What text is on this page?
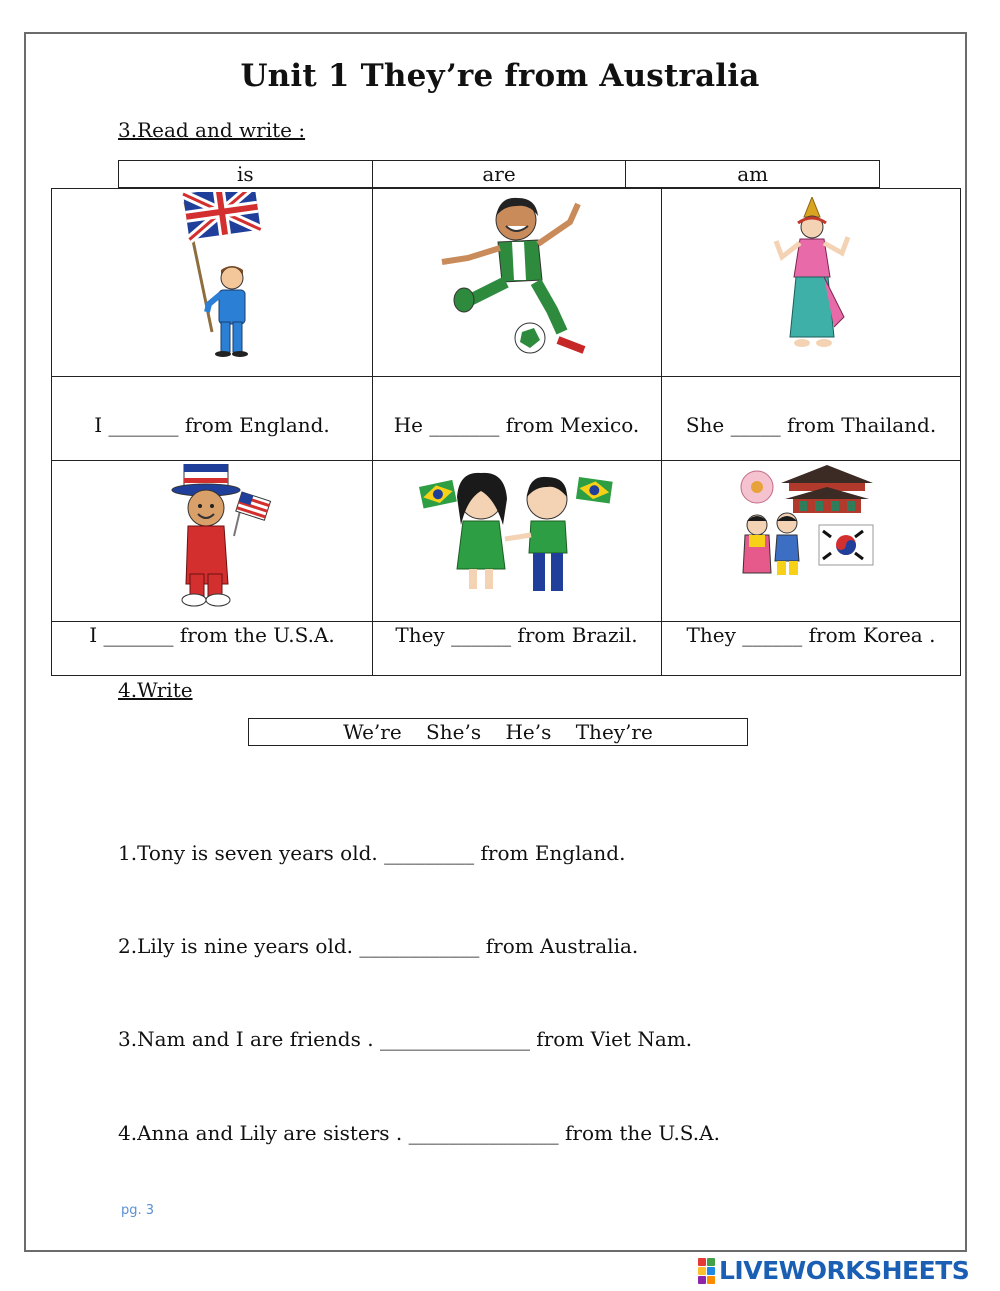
Unit 1 They’re from Australia
3.Read and write :
is	are	am
I _______ from England.	He _______ from Mexico.	She _____ from Thailand.
I _______ from the U.S.A.	They ______ from Brazil.	They ______ from Korea .
4.Write
We’re She’s He’s They’re
1.Tony is seven years old. _________ from England.
2.Lily is nine years old. ____________ from Australia.
3.Nam and I are friends . _______________ from Viet Nam.
4.Anna and Lily are sisters . _______________ from the U.S.A.
pg. 3
LIVEWORKSHEETS
